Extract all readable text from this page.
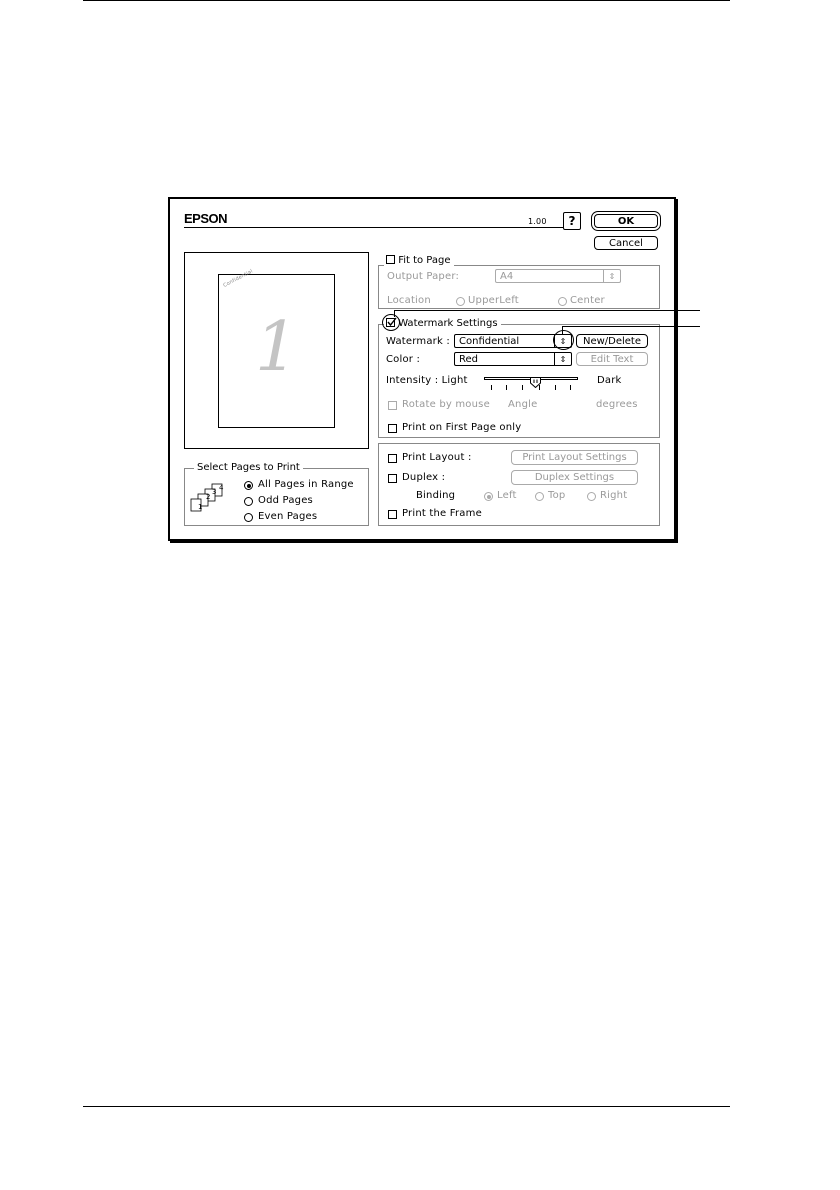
EPSON	1.00 ?	OK
Cancel
Confidential
1
Fit to Page
Output Paper:	A4	⇕
Location	UpperLeft	Center
Watermark Settings
Watermark : Confidential	⇕	New/Delete
Color :	Red	⇕	Edit Text
Intensity : Light	Dark
Rotate by mouse Angle	degrees
Print on First Page only
Print Layout :	Print Layout Settings
Duplex :	Duplex Settings
Binding	Left	Top	Right
Print the Frame
Select Pages to Print
1
2
3 4	All Pages in Range
Odd Pages
Even Pages
